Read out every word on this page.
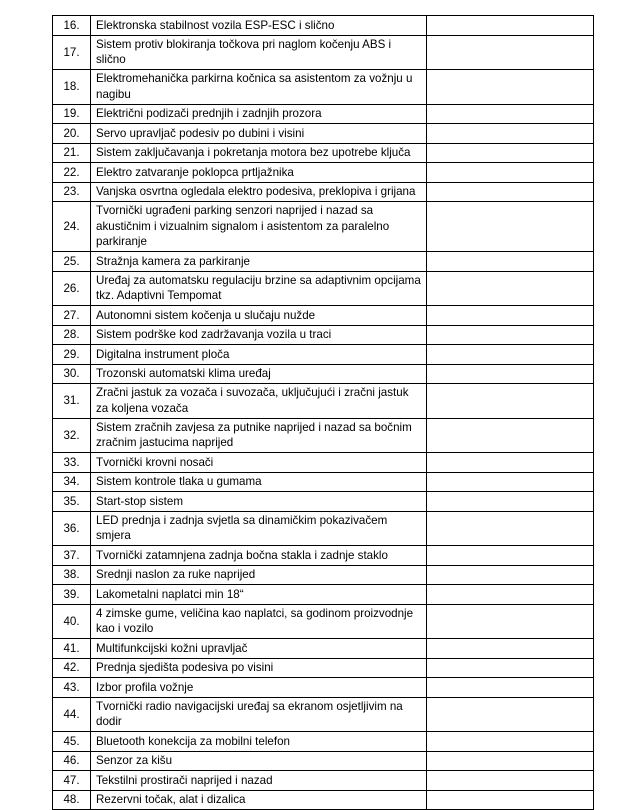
16.	Elektronska stabilnost vozila ESP-ESC i slično	
17.	Sistem protiv blokiranja točkova pri naglom kočenju ABS i slično	
18.	Elektromehanička parkirna kočnica sa asistentom za vožnju u nagibu	
19.	Električni podizači prednjih i zadnjih prozora	
20.	Servo upravljač podesiv po dubini i visini	
21.	Sistem zaključavanja i pokretanja motora bez upotrebe ključa	
22.	Elektro zatvaranje poklopca prtljažnika	
23.	Vanjska osvrtna ogledala elektro podesiva, preklopiva i grijana	
24.	Tvornički ugrađeni parking senzori naprijed i nazad sa akustičnim i vizualnim signalom i asistentom za paralelno parkiranje	
25.	Stražnja kamera za parkiranje	
26.	Uređaj za automatsku regulaciju brzine sa adaptivnim opcijama tkz. Adaptivni Tempomat	
27.	Autonomni sistem kočenja u slučaju nužde	
28.	Sistem podrške kod zadržavanja vozila u traci	
29.	Digitalna instrument ploča	
30.	Trozonski automatski klima uređaj	
31.	Zračni jastuk za vozača i suvozača, uključujući i zračni jastuk za koljena vozača	
32.	Sistem zračnih zavjesa za putnike naprijed i nazad sa bočnim zračnim jastucima naprijed	
33.	Tvornički krovni nosači	
34.	Sistem kontrole tlaka u gumama	
35.	Start-stop sistem	
36.	LED prednja i zadnja svjetla sa dinamičkim pokazivačem smjera	
37.	Tvornički zatamnjena zadnja bočna stakla i zadnje staklo	
38.	Srednji naslon za ruke naprijed	
39.	Lakometalni naplatci min 18“	
40.	4 zimske gume, veličina kao naplatci, sa godinom proizvodnje kao i vozilo	
41.	Multifunkcijski kožni upravljač	
42.	Prednja sjedišta podesiva po visini	
43.	Izbor profila vožnje	
44.	Tvornički radio navigacijski uređaj sa ekranom osjetljivim na dodir	
45.	Bluetooth konekcija za mobilni telefon	
46.	Senzor za kišu	
47.	Tekstilni prostirači naprijed i nazad	
48.	Rezervni točak, alat i dizalica	
